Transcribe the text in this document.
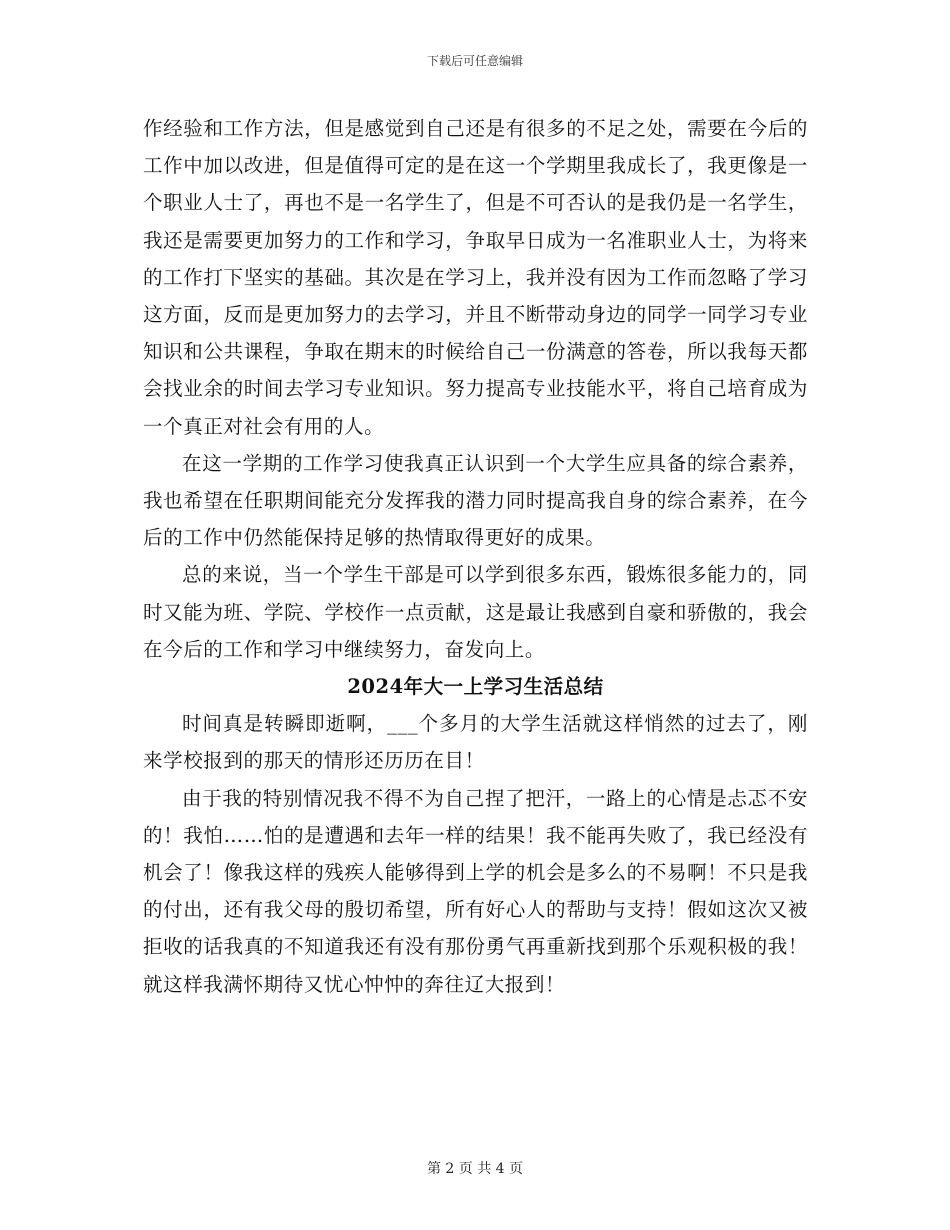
下载后可任意编辑

作经验和工作方法，但是感觉到自己还是有很多的不足之处，需要在今后的工作中加以改进，但是值得可定的是在这一个学期里我成长了，我更像是一个职业人士了，再也不是一名学生了，但是不可否认的是我仍是一名学生，我还是需要更加努力的工作和学习，争取早日成为一名准职业人士，为将来的工作打下坚实的基础。其次是在学习上，我并没有因为工作而忽略了学习这方面，反而是更加努力的去学习，并且不断带动身边的同学一同学习专业知识和公共课程，争取在期末的时候给自己一份满意的答卷，所以我每天都会找业余的时间去学习专业知识。努力提高专业技能水平，将自己培育成为一个真正对社会有用的人。

在这一学期的工作学习使我真正认识到一个大学生应具备的综合素养，我也希望在任职期间能充分发挥我的潜力同时提高我自身的综合素养，在今后的工作中仍然能保持足够的热情取得更好的成果。

总的来说，当一个学生干部是可以学到很多东西，锻炼很多能力的，同时又能为班、学院、学校作一点贡献，这是最让我感到自豪和骄傲的，我会在今后的工作和学习中继续努力，奋发向上。

2024年大一上学习生活总结

时间真是转瞬即逝啊，___个多月的大学生活就这样悄然的过去了，刚来学校报到的那天的情形还历历在目！

由于我的特别情况我不得不为自己捏了把汗，一路上的心情是忐忑不安的！我怕……怕的是遭遇和去年一样的结果！我不能再失败了，我已经没有机会了！像我这样的残疾人能够得到上学的机会是多么的不易啊！不只是我的付出，还有我父母的殷切希望，所有好心人的帮助与支持！假如这次又被拒收的话我真的不知道我还有没有那份勇气再重新找到那个乐观积极的我！就这样我满怀期待又忧心忡忡的奔往辽大报到！

第 2 页 共 4 页
